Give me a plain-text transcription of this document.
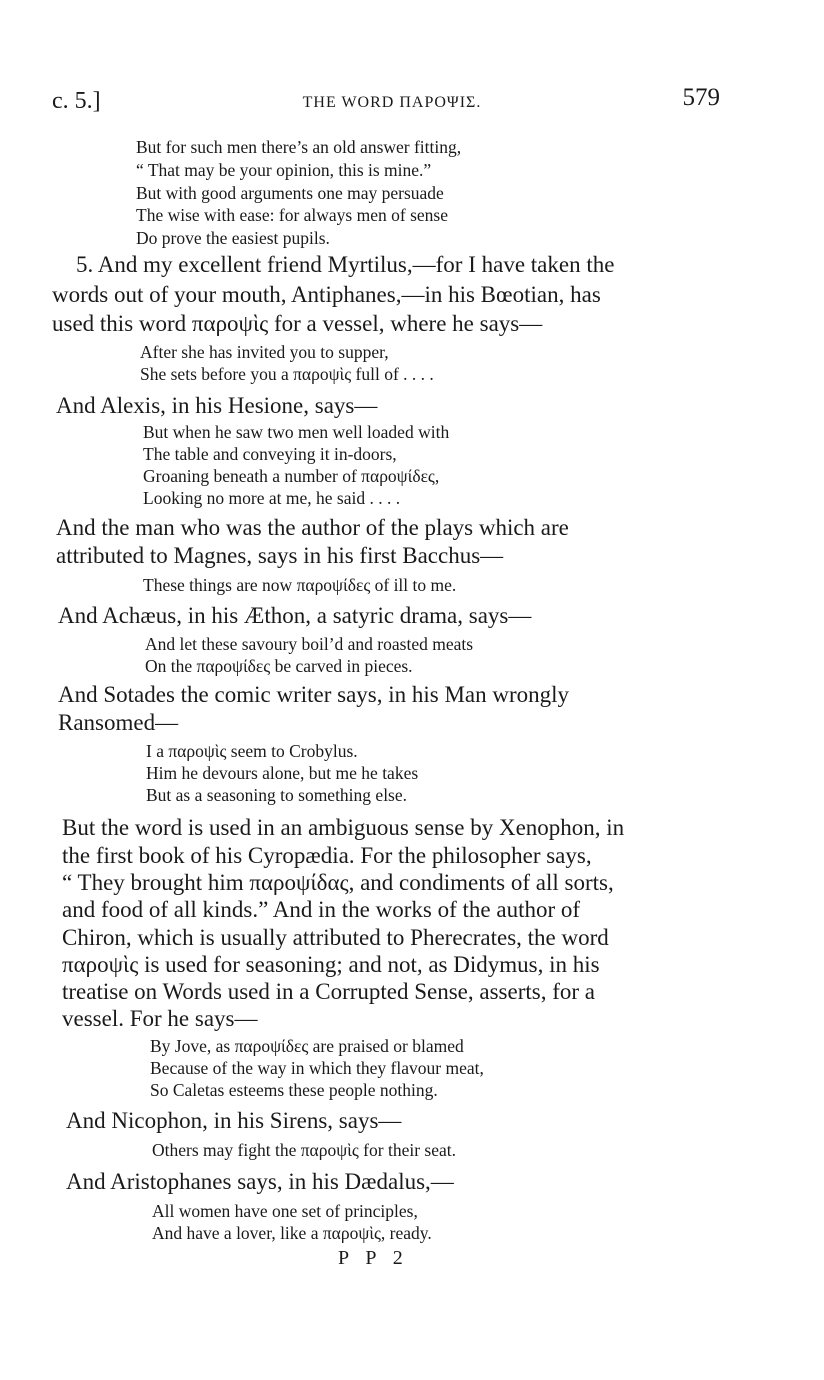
c. 5.]	THE WORD ΠΑΡΟΨΙΣ.	579
But for such men there’s an old answer fitting,
“ That may be your opinion, this is mine.”
But with good arguments one may persuade
The wise with ease: for always men of sense
Do prove the easiest pupils.
5. And my excellent friend Myrtilus,—for I have taken the
words out of your mouth, Antiphanes,—in his Bœotian, has
used this word παροψὶς for a vessel, where he says—
After she has invited you to supper,
She sets before you a παροψὶς full of . . . .
And Alexis, in his Hesione, says—
But when he saw two men well loaded with
The table and conveying it in-doors,
Groaning beneath a number of παροψίδες,
Looking no more at me, he said . . . .
And the man who was the author of the plays which are
attributed to Magnes, says in his first Bacchus—
These things are now παροψίδες of ill to me.
And Achæus, in his Æthon, a satyric drama, says—
And let these savoury boil’d and roasted meats
On the παροψίδες be carved in pieces.
And Sotades the comic writer says, in his Man wrongly
Ransomed—
I a παροψὶς seem to Crobylus.
Him he devours alone, but me he takes
But as a seasoning to something else.
But the word is used in an ambiguous sense by Xenophon, in
the first book of his Cyropædia. For the philosopher says,
“ They brought him παροψίδας, and condiments of all sorts,
and food of all kinds.” And in the works of the author of
Chiron, which is usually attributed to Pherecrates, the word
παροψὶς is used for seasoning; and not, as Didymus, in his
treatise on Words used in a Corrupted Sense, asserts, for a
vessel. For he says—
By Jove, as παροψίδες are praised or blamed
Because of the way in which they flavour meat,
So Caletas esteems these people nothing.
And Nicophon, in his Sirens, says—
Others may fight the παροψὶς for their seat.
And Aristophanes says, in his Dædalus,—
All women have one set of principles,
And have a lover, like a παροψὶς, ready.
P P 2
